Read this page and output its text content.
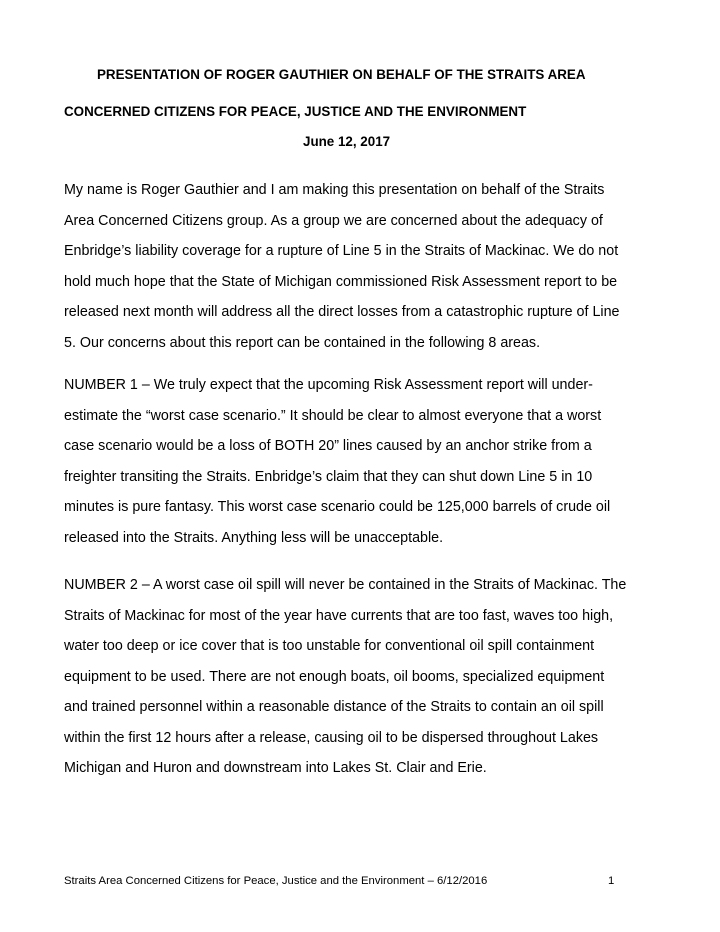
PRESENTATION OF ROGER GAUTHIER ON BEHALF OF THE STRAITS AREA
CONCERNED CITIZENS FOR PEACE, JUSTICE AND THE ENVIRONMENT
June 12, 2017

My name is Roger Gauthier and I am making this presentation on behalf of the Straits
Area Concerned Citizens group. As a group we are concerned about the adequacy of
Enbridge’s liability coverage for a rupture of Line 5 in the Straits of Mackinac. We do not
hold much hope that the State of Michigan commissioned Risk Assessment report to be
released next month will address all the direct losses from a catastrophic rupture of Line
5. Our concerns about this report can be contained in the following 8 areas.

NUMBER 1 – We truly expect that the upcoming Risk Assessment report will under-
estimate the “worst case scenario.” It should be clear to almost everyone that a worst
case scenario would be a loss of BOTH 20” lines caused by an anchor strike from a
freighter transiting the Straits. Enbridge’s claim that they can shut down Line 5 in 10
minutes is pure fantasy. This worst case scenario could be 125,000 barrels of crude oil
released into the Straits. Anything less will be unacceptable.

NUMBER 2 – A worst case oil spill will never be contained in the Straits of Mackinac. The
Straits of Mackinac for most of the year have currents that are too fast, waves too high,
water too deep or ice cover that is too unstable for conventional oil spill containment
equipment to be used. There are not enough boats, oil booms, specialized equipment
and trained personnel within a reasonable distance of the Straits to contain an oil spill
within the first 12 hours after a release, causing oil to be dispersed throughout Lakes
Michigan and Huron and downstream into Lakes St. Clair and Erie.

Straits Area Concerned Citizens for Peace, Justice and the Environment – 6/12/2016	1
